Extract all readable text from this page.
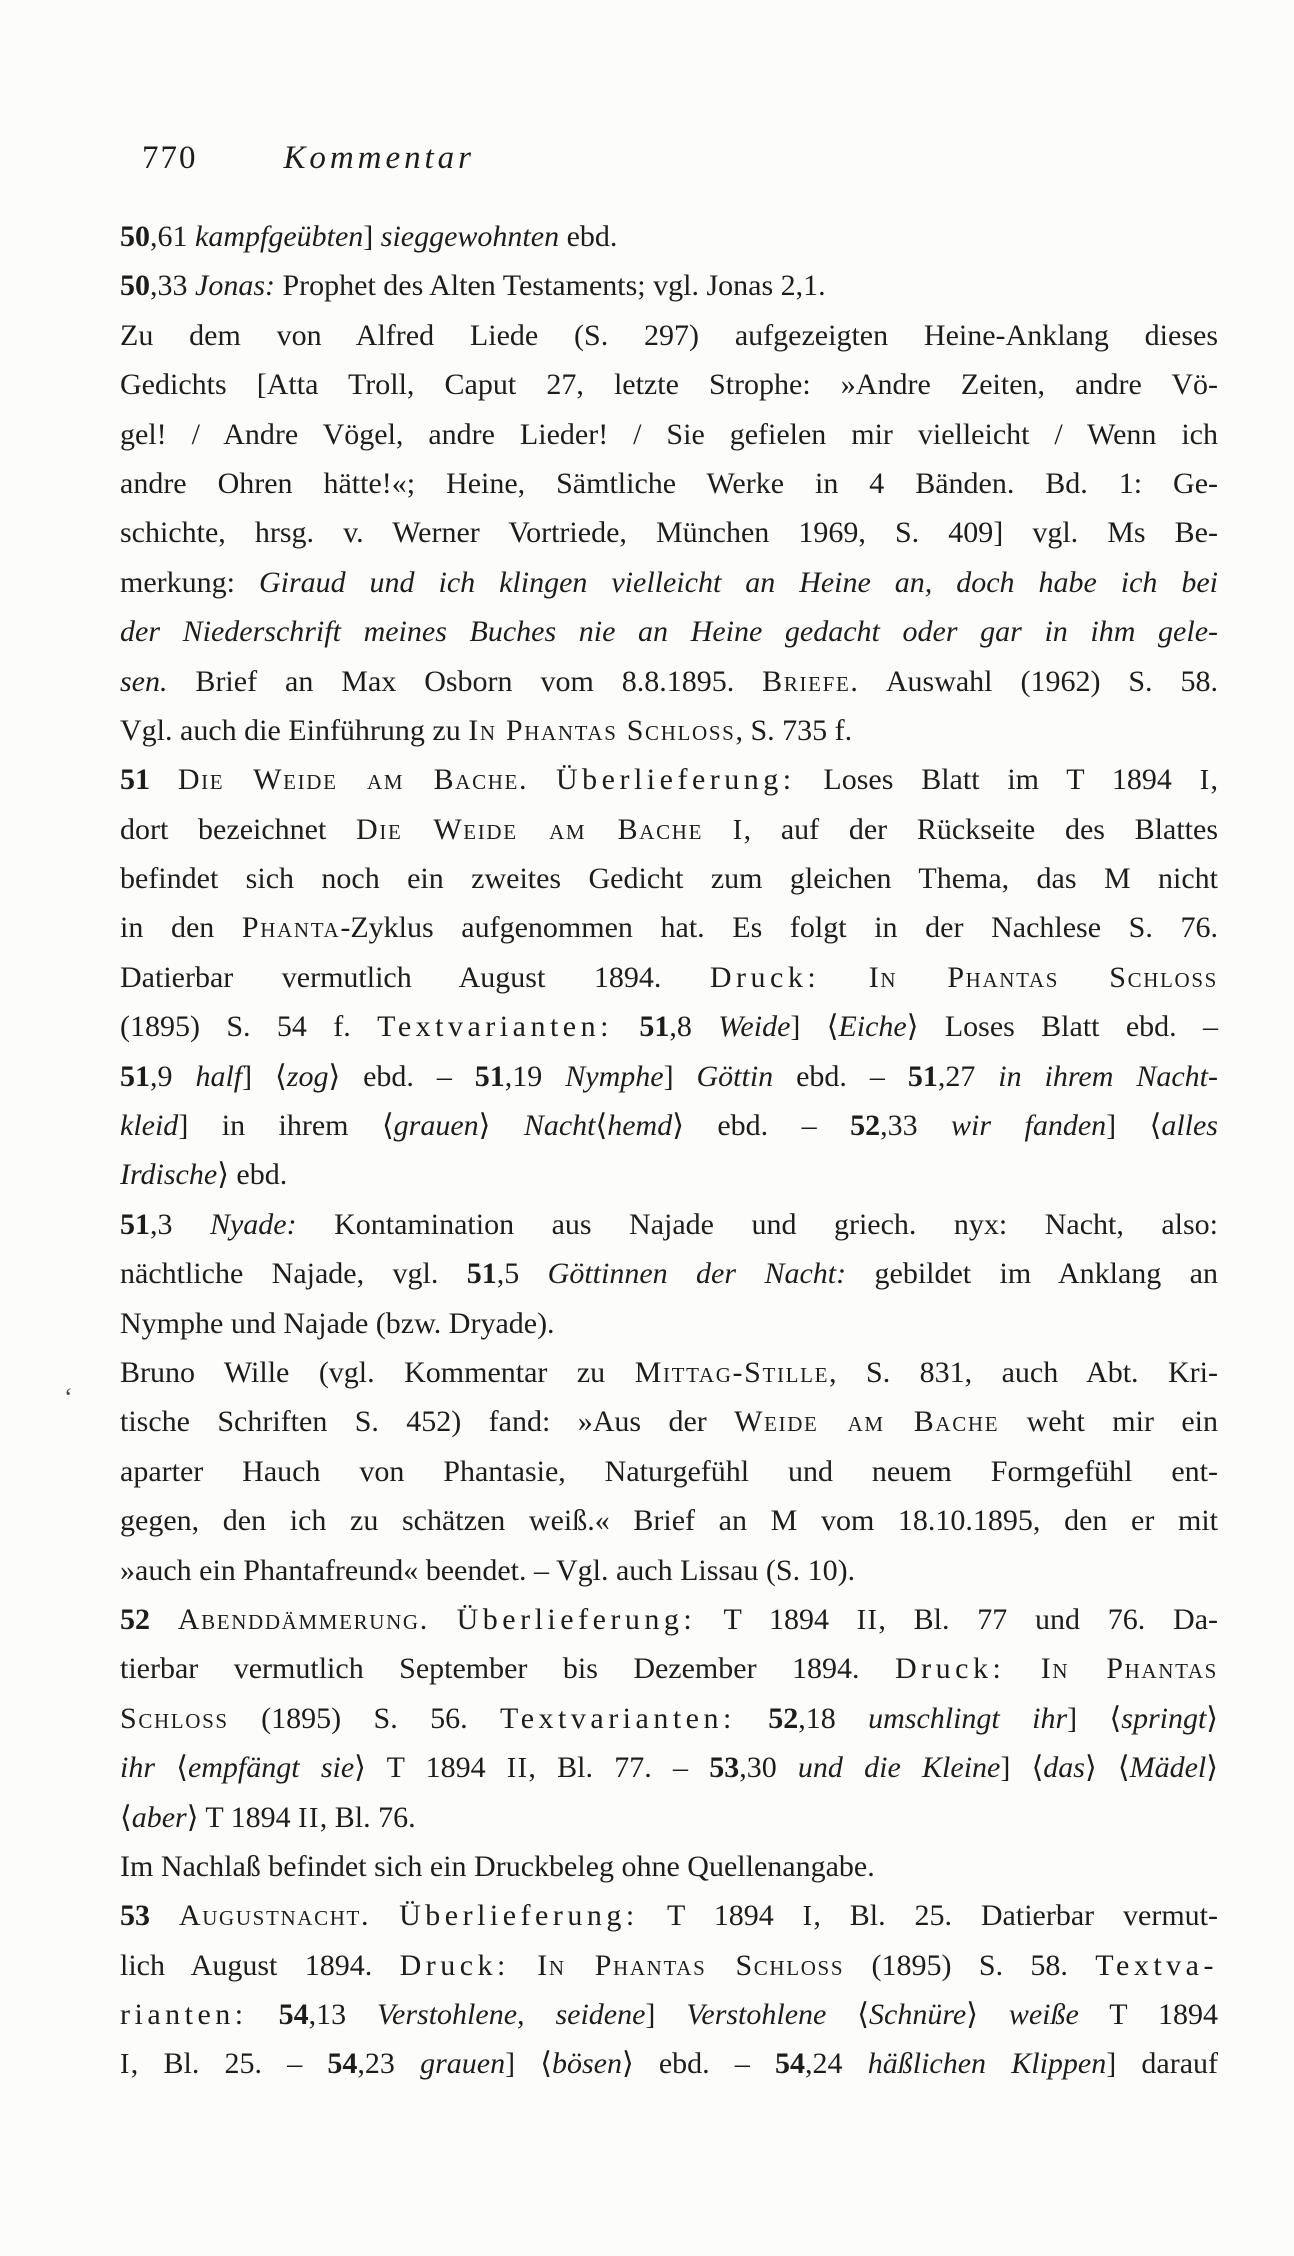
770	Kommentar
‘
50,61 kampfgeübten] sieggewohnten ebd.
50,33 Jonas: Prophet des Alten Testaments; vgl. Jonas 2,1.
Zu dem von Alfred Liede (S. 297) aufgezeigten Heine-Anklang dieses
Gedichts [Atta Troll, Caput 27, letzte Strophe: »Andre Zeiten, andre Vö-
gel! / Andre Vögel, andre Lieder! / Sie gefielen mir vielleicht / Wenn ich
andre Ohren hätte!«; Heine, Sämtliche Werke in 4 Bänden. Bd. 1: Ge-
schichte, hrsg. v. Werner Vortriede, München 1969, S. 409] vgl. Ms Be-
merkung: Giraud und ich klingen vielleicht an Heine an, doch habe ich bei
der Niederschrift meines Buches nie an Heine gedacht oder gar in ihm gele-
sen. Brief an Max Osborn vom 8.8.1895. Briefe. Auswahl (1962) S. 58.
Vgl. auch die Einführung zu In Phantas Schloss, S. 735 f.
51 Die Weide am Bache. Überlieferung: Loses Blatt im T 1894 I,
dort bezeichnet Die Weide am Bache I, auf der Rückseite des Blattes
befindet sich noch ein zweites Gedicht zum gleichen Thema, das M nicht
in den Phanta-Zyklus aufgenommen hat. Es folgt in der Nachlese S. 76.
Datierbar vermutlich August 1894. Druck: In Phantas Schloss
(1895) S. 54 f. Textvarianten: 51,8 Weide] ⟨Eiche⟩ Loses Blatt ebd. –
51,9 half] ⟨zog⟩ ebd. – 51,19 Nymphe] Göttin ebd. – 51,27 in ihrem Nacht-
kleid] in ihrem ⟨grauen⟩ Nacht⟨hemd⟩ ebd. – 52,33 wir fanden] ⟨alles
Irdische⟩ ebd.
51,3 Nyade: Kontamination aus Najade und griech. nyx: Nacht, also:
nächtliche Najade, vgl. 51,5 Göttinnen der Nacht: gebildet im Anklang an
Nymphe und Najade (bzw. Dryade).
Bruno Wille (vgl. Kommentar zu Mittag-Stille, S. 831, auch Abt. Kri-
tische Schriften S. 452) fand: »Aus der Weide am Bache weht mir ein
aparter Hauch von Phantasie, Naturgefühl und neuem Formgefühl ent-
gegen, den ich zu schätzen weiß.« Brief an M vom 18.10.1895, den er mit
»auch ein Phantafreund« beendet. – Vgl. auch Lissau (S. 10).
52 Abenddämmerung. Überlieferung: T 1894 II, Bl. 77 und 76. Da-
tierbar vermutlich September bis Dezember 1894. Druck: In Phantas
Schloss (1895) S. 56. Textvarianten: 52,18 umschlingt ihr] ⟨springt⟩
ihr ⟨empfängt sie⟩ T 1894 II, Bl. 77. – 53,30 und die Kleine] ⟨das⟩ ⟨Mädel⟩
⟨aber⟩ T 1894 II, Bl. 76.
Im Nachlaß befindet sich ein Druckbeleg ohne Quellenangabe.
53 Augustnacht. Überlieferung: T 1894 I, Bl. 25. Datierbar vermut-
lich August 1894. Druck: In Phantas Schloss (1895) S. 58. Textva-
rianten: 54,13 Verstohlene, seidene] Verstohlene ⟨Schnüre⟩ weiße T 1894
I, Bl. 25. – 54,23 grauen] ⟨bösen⟩ ebd. – 54,24 häßlichen Klippen] darauf
